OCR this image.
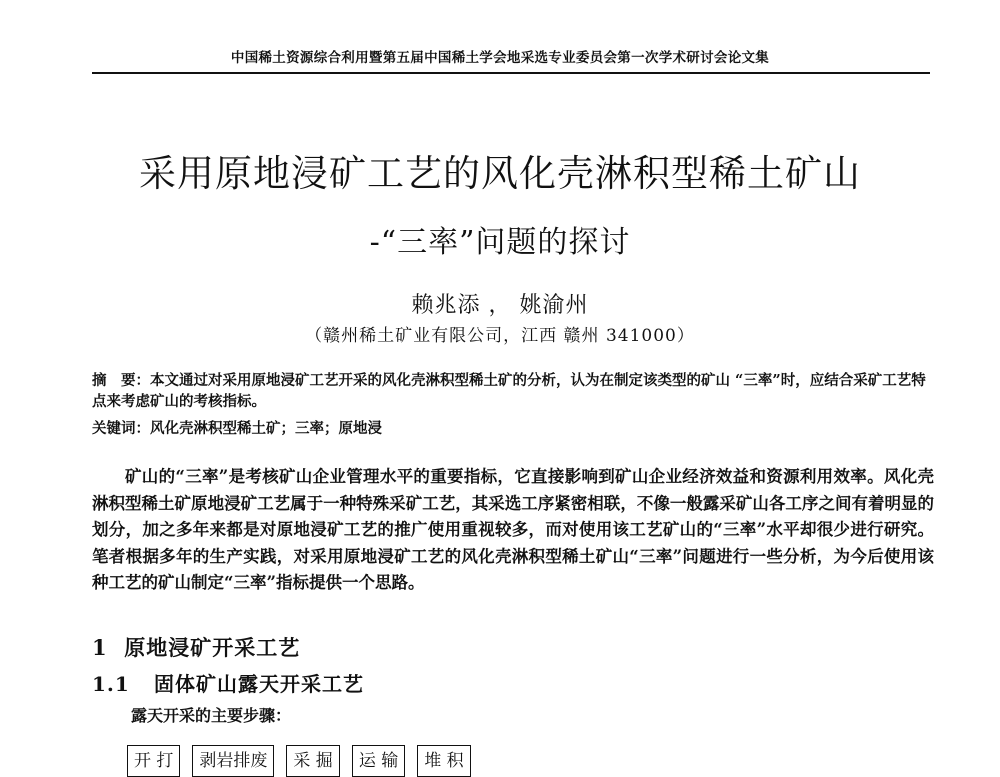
中国稀土资源综合利用暨第五届中国稀土学会地采选专业委员会第一次学术研讨会论文集
采用原地浸矿工艺的风化壳淋积型稀土矿山
-“三率”问题的探讨
赖兆添 ， 姚渝州
（赣州稀土矿业有限公司，江西 赣州 341000）
摘　要：本文通过对采用原地浸矿工艺开采的风化壳淋积型稀土矿的分析，认为在制定该类型的矿山 “三率”时，应结合采矿工艺特点来考虑矿山的考核指标。
关键词：风化壳淋积型稀土矿；三率；原地浸

矿山的“三率”是考核矿山企业管理水平的重要指标，它直接影响到矿山企业经济效益和资源利用效率。风化壳淋积型稀土矿原地浸矿工艺属于一种特殊采矿工艺，其采选工序紧密相联，不像一般露采矿山各工序之间有着明显的划分，加之多年来都是对原地浸矿工艺的推广使用重视较多，而对使用该工艺矿山的“三率”水平却很少进行研究。笔者根据多年的生产实践，对采用原地浸矿工艺的风化壳淋积型稀土矿山“三率”问题进行一些分析，为今后使用该种工艺的矿山制定“三率”指标提供一个思路。

1 原地浸矿开采工艺
1.1 固体矿山露天开采工艺
露天开采的主要步骤：
开 打	剥岩排废	采 掘	运 输	堆 积
